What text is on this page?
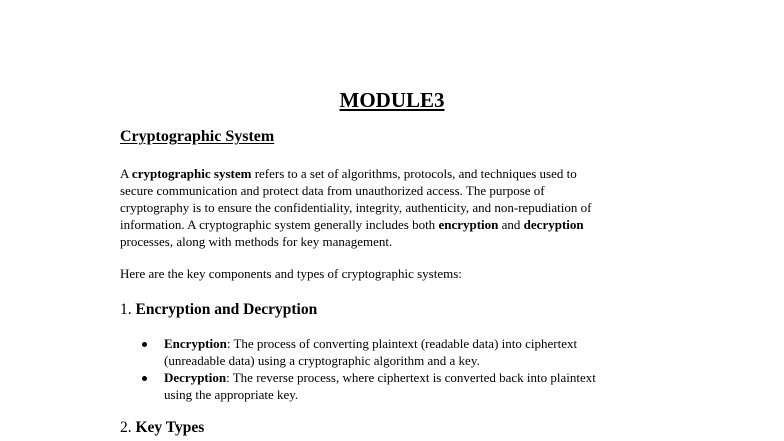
MODULE3
Cryptographic System
A cryptographic system refers to a set of algorithms, protocols, and techniques used to
secure communication and protect data from unauthorized access. The purpose of
cryptography is to ensure the confidentiality, integrity, authenticity, and non-repudiation of
information. A cryptographic system generally includes both encryption and decryption
processes, along with methods for key management.
Here are the key components and types of cryptographic systems:
1. Encryption and Decryption
Encryption: The process of converting plaintext (readable data) into ciphertext
(unreadable data) using a cryptographic algorithm and a key.
Decryption: The reverse process, where ciphertext is converted back into plaintext
using the appropriate key.
2. Key Types
